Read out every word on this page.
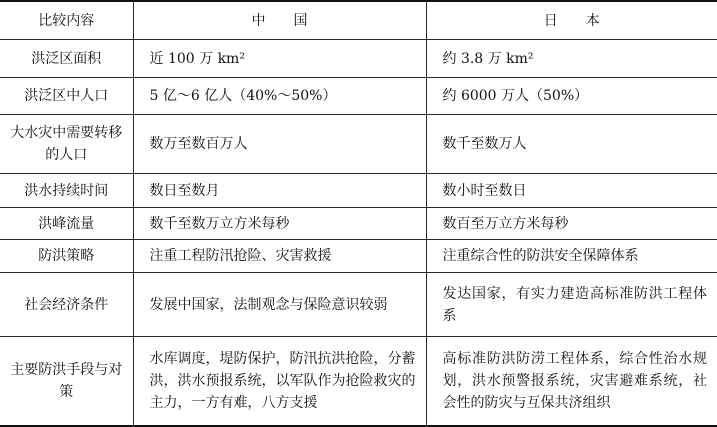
比较内容	中　　国	日　　本
洪泛区面积	近 100 万 km²	约 3.8 万 km²
洪泛区中人口	5 亿～6 亿人（40%～50%）	约 6000 万人（50%）
大水灾中需要转移的人口	数万至数百万人	数千至数万人
洪水持续时间	数日至数月	数小时至数日
洪峰流量	数千至数万立方米每秒	数百至万立方米每秒
防洪策略	注重工程防汛抢险、灾害救援	注重综合性的防洪安全保障体系
社会经济条件	发展中国家，法制观念与保险意识较弱	发达国家，有实力建造高标准防洪工程体系
主要防洪手段与对策	水库调度，堤防保护，防汛抗洪抢险，分蓄洪，洪水预报系统，以军队作为抢险救灾的主力，一方有难，八方支援	高标准防洪防涝工程体系，综合性治水规划，洪水预警报系统，灾害避难系统，社会性的防灾与互保共济组织
